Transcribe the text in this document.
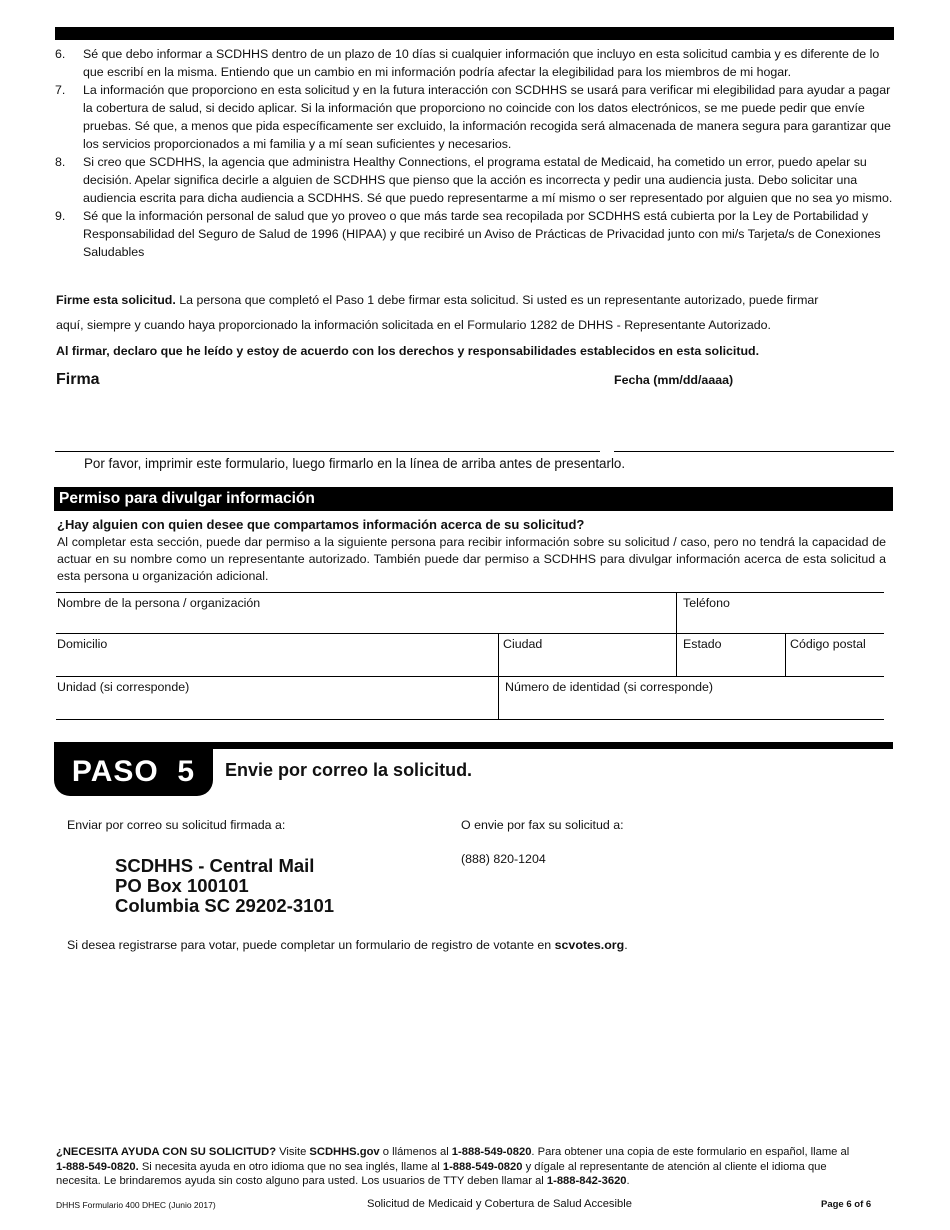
6.	Sé que debo informar a SCDHHS dentro de un plazo de 10 días si cualquier información que incluyo en esta solicitud cambia y es diferente de lo que escribí en la misma. Entiendo que un cambio en mi información podría afectar la elegibilidad para los miembros de mi hogar.
7.	La información que proporciono en esta solicitud y en la futura interacción con SCDHHS se usará para verificar mi elegibilidad para ayudar a pagar la cobertura de salud, si decido aplicar. Si la información que proporciono no coincide con los datos electrónicos, se me puede pedir que envíe pruebas. Sé que, a menos que pida específicamente ser excluido, la información recogida será almacenada de manera segura para garantizar que los servicios proporcionados a mi familia y a mí sean suficientes y necesarios.
8.	Si creo que SCDHHS, la agencia que administra Healthy Connections, el programa estatal de Medicaid, ha cometido un error, puedo apelar su decisión. Apelar significa decirle a alguien de SCDHHS que pienso que la acción es incorrecta y pedir una audiencia justa. Debo solicitar una audiencia escrita para dicha audiencia a SCDHHS. Sé que puedo representarme a mí mismo o ser representado por alguien que no sea yo mismo.
9.	Sé que la información personal de salud que yo proveo o que más tarde sea recopilada por SCDHHS está cubierta por la Ley de Portabilidad y Responsabilidad del Seguro de Salud de 1996 (HIPAA) y que recibiré un Aviso de Prácticas de Privacidad junto con mi/s Tarjeta/s de Conexiones Saludables
Firme esta solicitud. La persona que completó el Paso 1 debe firmar esta solicitud. Si usted es un representante autorizado, puede firmar
aquí, siempre y cuando haya proporcionado la información solicitada en el Formulario 1282 de DHHS - Representante Autorizado.
Al firmar, declaro que he leído y estoy de acuerdo con los derechos y responsabilidades establecidos en esta solicitud.
Firma	Fecha (mm/dd/aaaa)
Por favor, imprimir este formulario, luego firmarlo en la línea de arriba antes de presentarlo.
Permiso para divulgar información
¿Hay alguien con quien desee que compartamos información acerca de su solicitud?
Al completar esta sección, puede dar permiso a la siguiente persona para recibir información sobre su solicitud / caso, pero no tendrá la capacidad de actuar en su nombre como un representante autorizado. También puede dar permiso a SCDHHS para divulgar información acerca de esta solicitud a esta persona u organización adicional.
Nombre de la persona / organización	Teléfono
Domicilio	Ciudad	Estado	Código postal
Unidad (si corresponde)	Número de identidad (si corresponde)
PASO 5	Envie por correo la solicitud.
Enviar por correo su solicitud firmada a:
SCDHHS - Central Mail
PO Box 100101
Columbia SC 29202-3101
O envie por fax su solicitud a:
(888) 820-1204
Si desea registrarse para votar, puede completar un formulario de registro de votante en scvotes.org.
¿NECESITA AYUDA CON SU SOLICITUD? Visite SCDHHS.gov o llámenos al 1-888-549-0820. Para obtener una copia de este formulario en español, llame al 1-888-549-0820. Si necesita ayuda en otro idioma que no sea inglés, llame al 1-888-549-0820 y dígale al representante de atención al cliente el idioma que necesita. Le brindaremos ayuda sin costo alguno para usted. Los usuarios de TTY deben llamar al 1-888-842-3620.
DHHS Formulario 400 DHEC (Junio 2017)	Solicitud de Medicaid y Cobertura de Salud Accesible	Page 6 of 6
